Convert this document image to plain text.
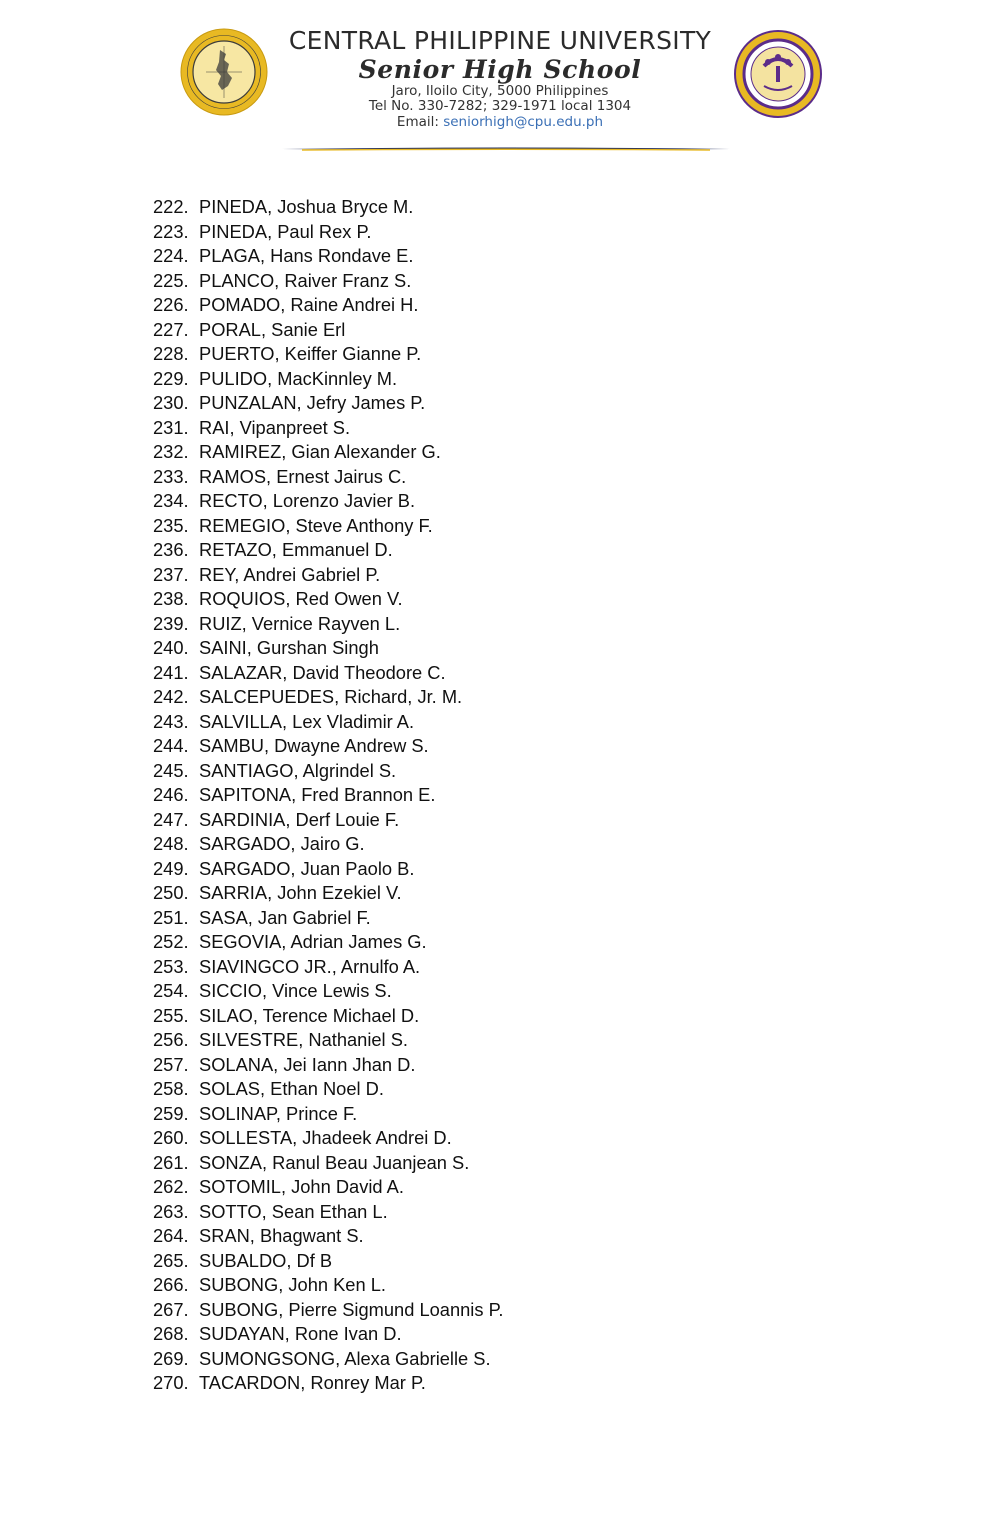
CENTRAL PHILIPPINE UNIVERSITY
Senior High School
Jaro, Iloilo City, 5000 Philippines
Tel No. 330-7282; 329-1971 local 1304
Email: seniorhigh@cpu.edu.ph
222. PINEDA, Joshua Bryce M.
223. PINEDA, Paul Rex P.
224. PLAGA, Hans Rondave E.
225. PLANCO, Raiver Franz S.
226. POMADO, Raine Andrei H.
227. PORAL, Sanie Erl
228. PUERTO, Keiffer Gianne P.
229. PULIDO, MacKinnley M.
230. PUNZALAN, Jefry James P.
231. RAI, Vipanpreet S.
232. RAMIREZ, Gian Alexander G.
233. RAMOS, Ernest Jairus C.
234. RECTO, Lorenzo Javier B.
235. REMEGIO, Steve Anthony F.
236. RETAZO, Emmanuel D.
237. REY, Andrei Gabriel P.
238. ROQUIOS, Red Owen V.
239. RUIZ, Vernice Rayven L.
240. SAINI, Gurshan Singh
241. SALAZAR, David Theodore C.
242. SALCEPUEDES, Richard, Jr. M.
243. SALVILLA, Lex Vladimir A.
244. SAMBU, Dwayne Andrew S.
245. SANTIAGO, Algrindel S.
246. SAPITONA, Fred Brannon E.
247. SARDINIA, Derf Louie F.
248. SARGADO, Jairo G.
249. SARGADO, Juan Paolo B.
250. SARRIA, John Ezekiel V.
251. SASA, Jan Gabriel F.
252. SEGOVIA, Adrian James G.
253. SIAVINGCO JR., Arnulfo A.
254. SICCIO, Vince Lewis S.
255. SILAO, Terence Michael D.
256. SILVESTRE, Nathaniel S.
257. SOLANA, Jei Iann Jhan D.
258. SOLAS, Ethan Noel D.
259. SOLINAP, Prince F.
260. SOLLESTA, Jhadeek Andrei D.
261. SONZA, Ranul Beau Juanjean S.
262. SOTOMIL, John David A.
263. SOTTO, Sean Ethan L.
264. SRAN, Bhagwant S.
265. SUBALDO, Df B
266. SUBONG, John Ken L.
267. SUBONG, Pierre Sigmund Loannis P.
268. SUDAYAN, Rone Ivan D.
269. SUMONGSONG, Alexa Gabrielle S.
270. TACARDON, Ronrey Mar P.
